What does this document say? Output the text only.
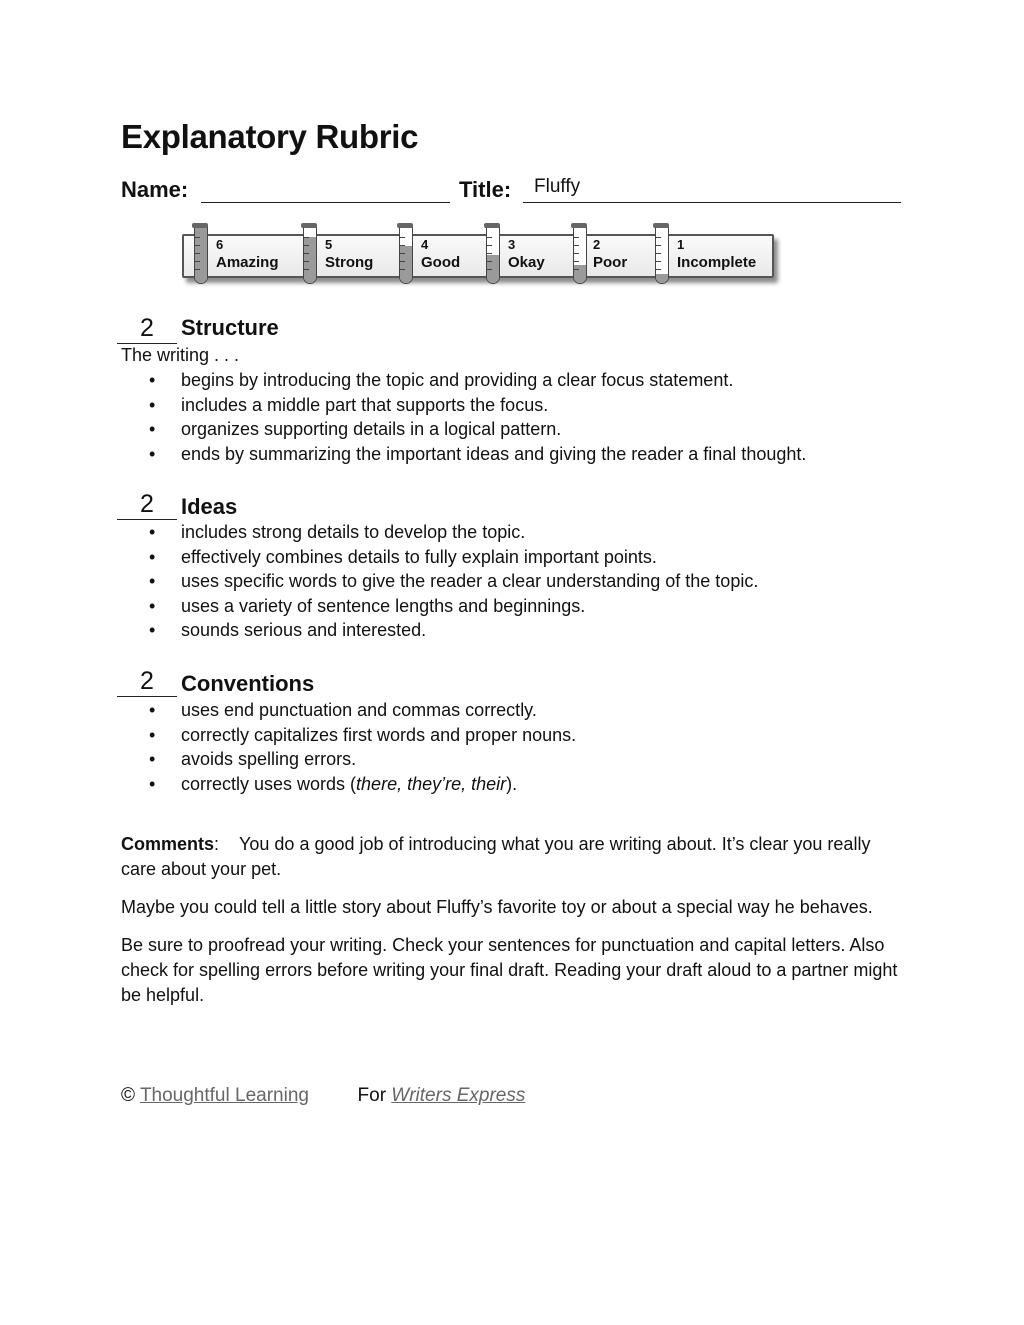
Explanatory Rubric
Name:	Title: Fluffy
6
Amazing
5
Strong
4
Good
3
Okay
2
Poor
1
Incomplete
2	Structure
The writing . . .
• begins by introducing the topic and providing a clear focus statement.
• includes a middle part that supports the focus.
• organizes supporting details in a logical pattern.
• ends by summarizing the important ideas and giving the reader a final thought.
2	Ideas
• includes strong details to develop the topic.
• effectively combines details to fully explain important points.
• uses specific words to give the reader a clear understanding of the topic.
• uses a variety of sentence lengths and beginnings.
• sounds serious and interested.
2	Conventions
• uses end punctuation and commas correctly.
• correctly capitalizes first words and proper nouns.
• avoids spelling errors.
• correctly uses words (there, they’re, their).

Comments: You do a good job of introducing what you are writing about. It’s clear you really care about your pet.

Maybe you could tell a little story about Fluffy’s favorite toy or about a special way he behaves.

Be sure to proofread your writing. Check your sentences for punctuation and capital letters. Also check for spelling errors before writing your final draft. Reading your draft aloud to a partner might be helpful.

© Thoughtful Learning	For Writers Express
